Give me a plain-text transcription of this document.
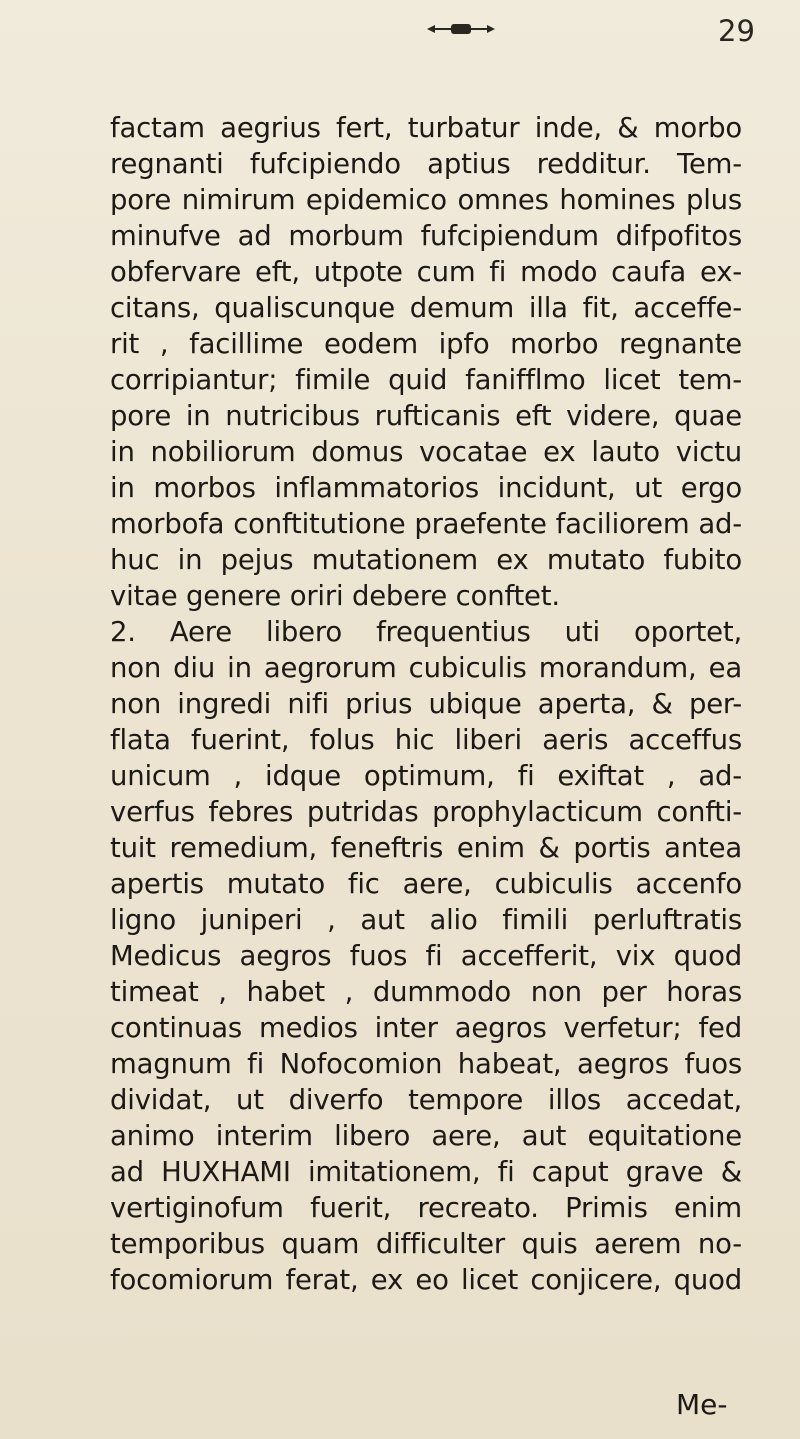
29
factam aegrius fert, turbatur inde, & morbo
regnanti fufcipiendo aptius redditur. Tem-
pore nimirum epidemico omnes homines plus
minufve ad morbum fufcipiendum difpofitos
obfervare eft, utpote cum fi modo caufa ex-
citans, qualiscunque demum illa fit, acceffe-
rit , facillime eodem ipfo morbo regnante
corripiantur; fimile quid fanifflmo licet tem-
pore in nutricibus rufticanis eft videre, quae
in nobiliorum domus vocatae ex lauto victu
in morbos inflammatorios incidunt, ut ergo
morbofa conftitutione praefente faciliorem ad-
huc in pejus mutationem ex mutato fubito
vitae genere oriri debere conftet.
2. Aere libero frequentius uti oportet,
non diu in aegrorum cubiculis morandum, ea
non ingredi nifi prius ubique aperta, & per-
flata fuerint, folus hic liberi aeris acceffus
unicum , idque optimum, fi exiftat , ad-
verfus febres putridas prophylacticum confti-
tuit remedium, feneftris enim & portis antea
apertis mutato fic aere, cubiculis accenfo
ligno juniperi , aut alio fimili perluftratis
Medicus aegros fuos fi accefferit, vix quod
timeat , habet , dummodo non per horas
continuas medios inter aegros verfetur; fed
magnum fi Nofocomion habeat, aegros fuos
dividat, ut diverfo tempore illos accedat,
animo interim libero aere, aut equitatione
ad HUXHAMI imitationem, fi caput grave &
vertiginofum fuerit, recreato. Primis enim
temporibus quam difficulter quis aerem no-
focomiorum ferat, ex eo licet conjicere, quod
Me-
